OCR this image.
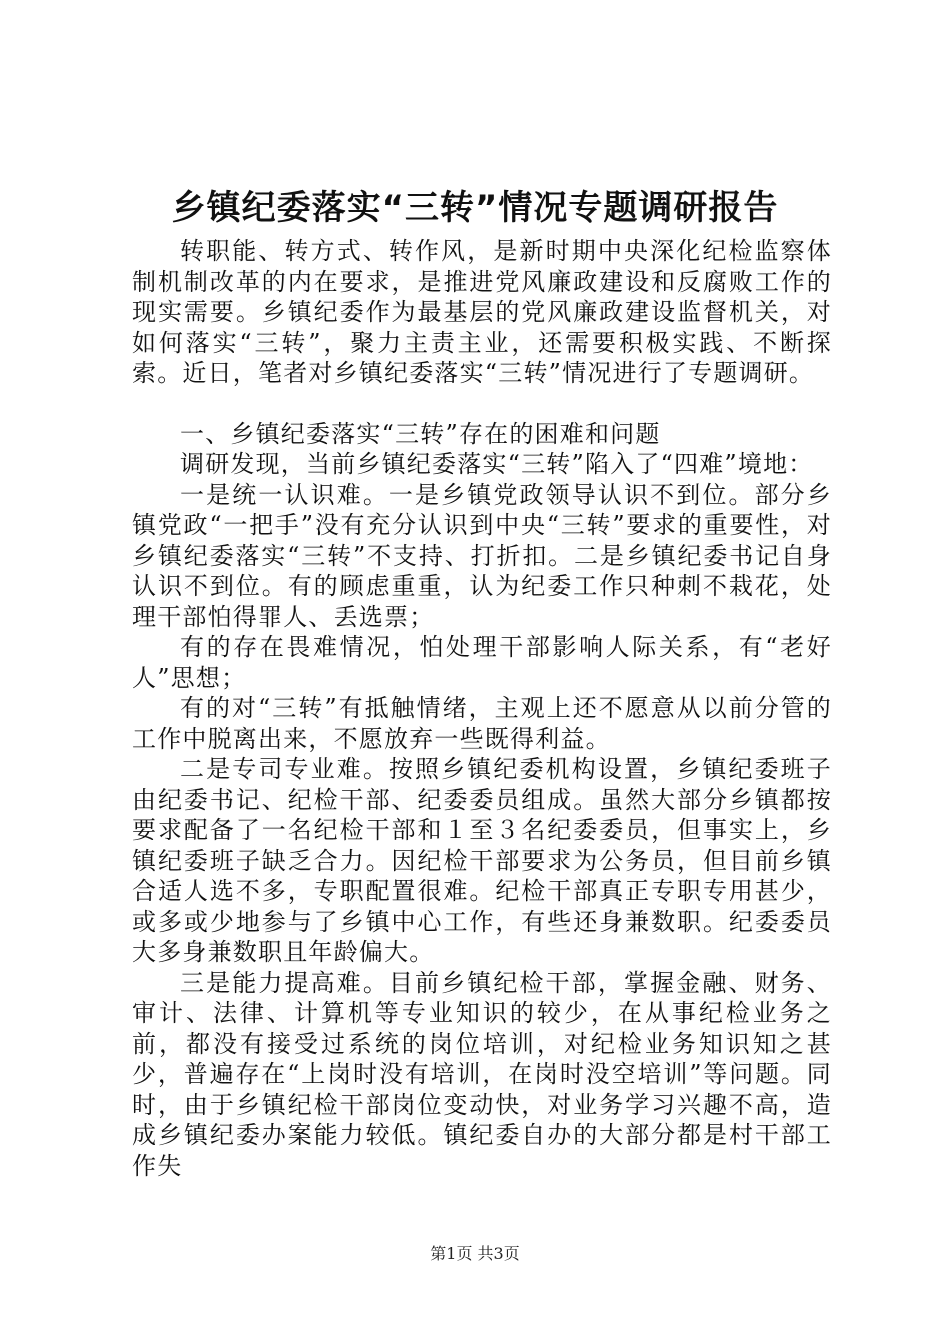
乡镇纪委落实“三转”情况专题调研报告

转职能、转方式、转作风，是新时期中央深化纪检监察体制机制改革的内在要求，是推进党风廉政建设和反腐败工作的现实需要。乡镇纪委作为最基层的党风廉政建设监督机关，对如何落实“三转”，聚力主责主业，还需要积极实践、不断探索。近日，笔者对乡镇纪委落实“三转”情况进行了专题调研。

一、乡镇纪委落实“三转”存在的困难和问题

调研发现，当前乡镇纪委落实“三转”陷入了“四难”境地：

一是统一认识难。一是乡镇党政领导认识不到位。部分乡镇党政“一把手”没有充分认识到中央“三转”要求的重要性，对乡镇纪委落实“三转”不支持、打折扣。二是乡镇纪委书记自身认识不到位。有的顾虑重重，认为纪委工作只种刺不栽花，处理干部怕得罪人、丢选票；

有的存在畏难情况，怕处理干部影响人际关系，有“老好人”思想；

有的对“三转”有抵触情绪，主观上还不愿意从以前分管的工作中脱离出来，不愿放弃一些既得利益。

二是专司专业难。按照乡镇纪委机构设置，乡镇纪委班子由纪委书记、纪检干部、纪委委员组成。虽然大部分乡镇都按要求配备了一名纪检干部和１至３名纪委委员，但事实上，乡镇纪委班子缺乏合力。因纪检干部要求为公务员，但目前乡镇合适人选不多，专职配置很难。纪检干部真正专职专用甚少，或多或少地参与了乡镇中心工作，有些还身兼数职。纪委委员大多身兼数职且年龄偏大。

三是能力提高难。目前乡镇纪检干部，掌握金融、财务、审计、法律、计算机等专业知识的较少，在从事纪检业务之前，都没有接受过系统的岗位培训，对纪检业务知识知之甚少，普遍存在“上岗时没有培训，在岗时没空培训”等问题。同时，由于乡镇纪检干部岗位变动快，对业务学习兴趣不高，造成乡镇纪委办案能力较低。镇纪委自办的大部分都是村干部工作失

第1页 共3页
